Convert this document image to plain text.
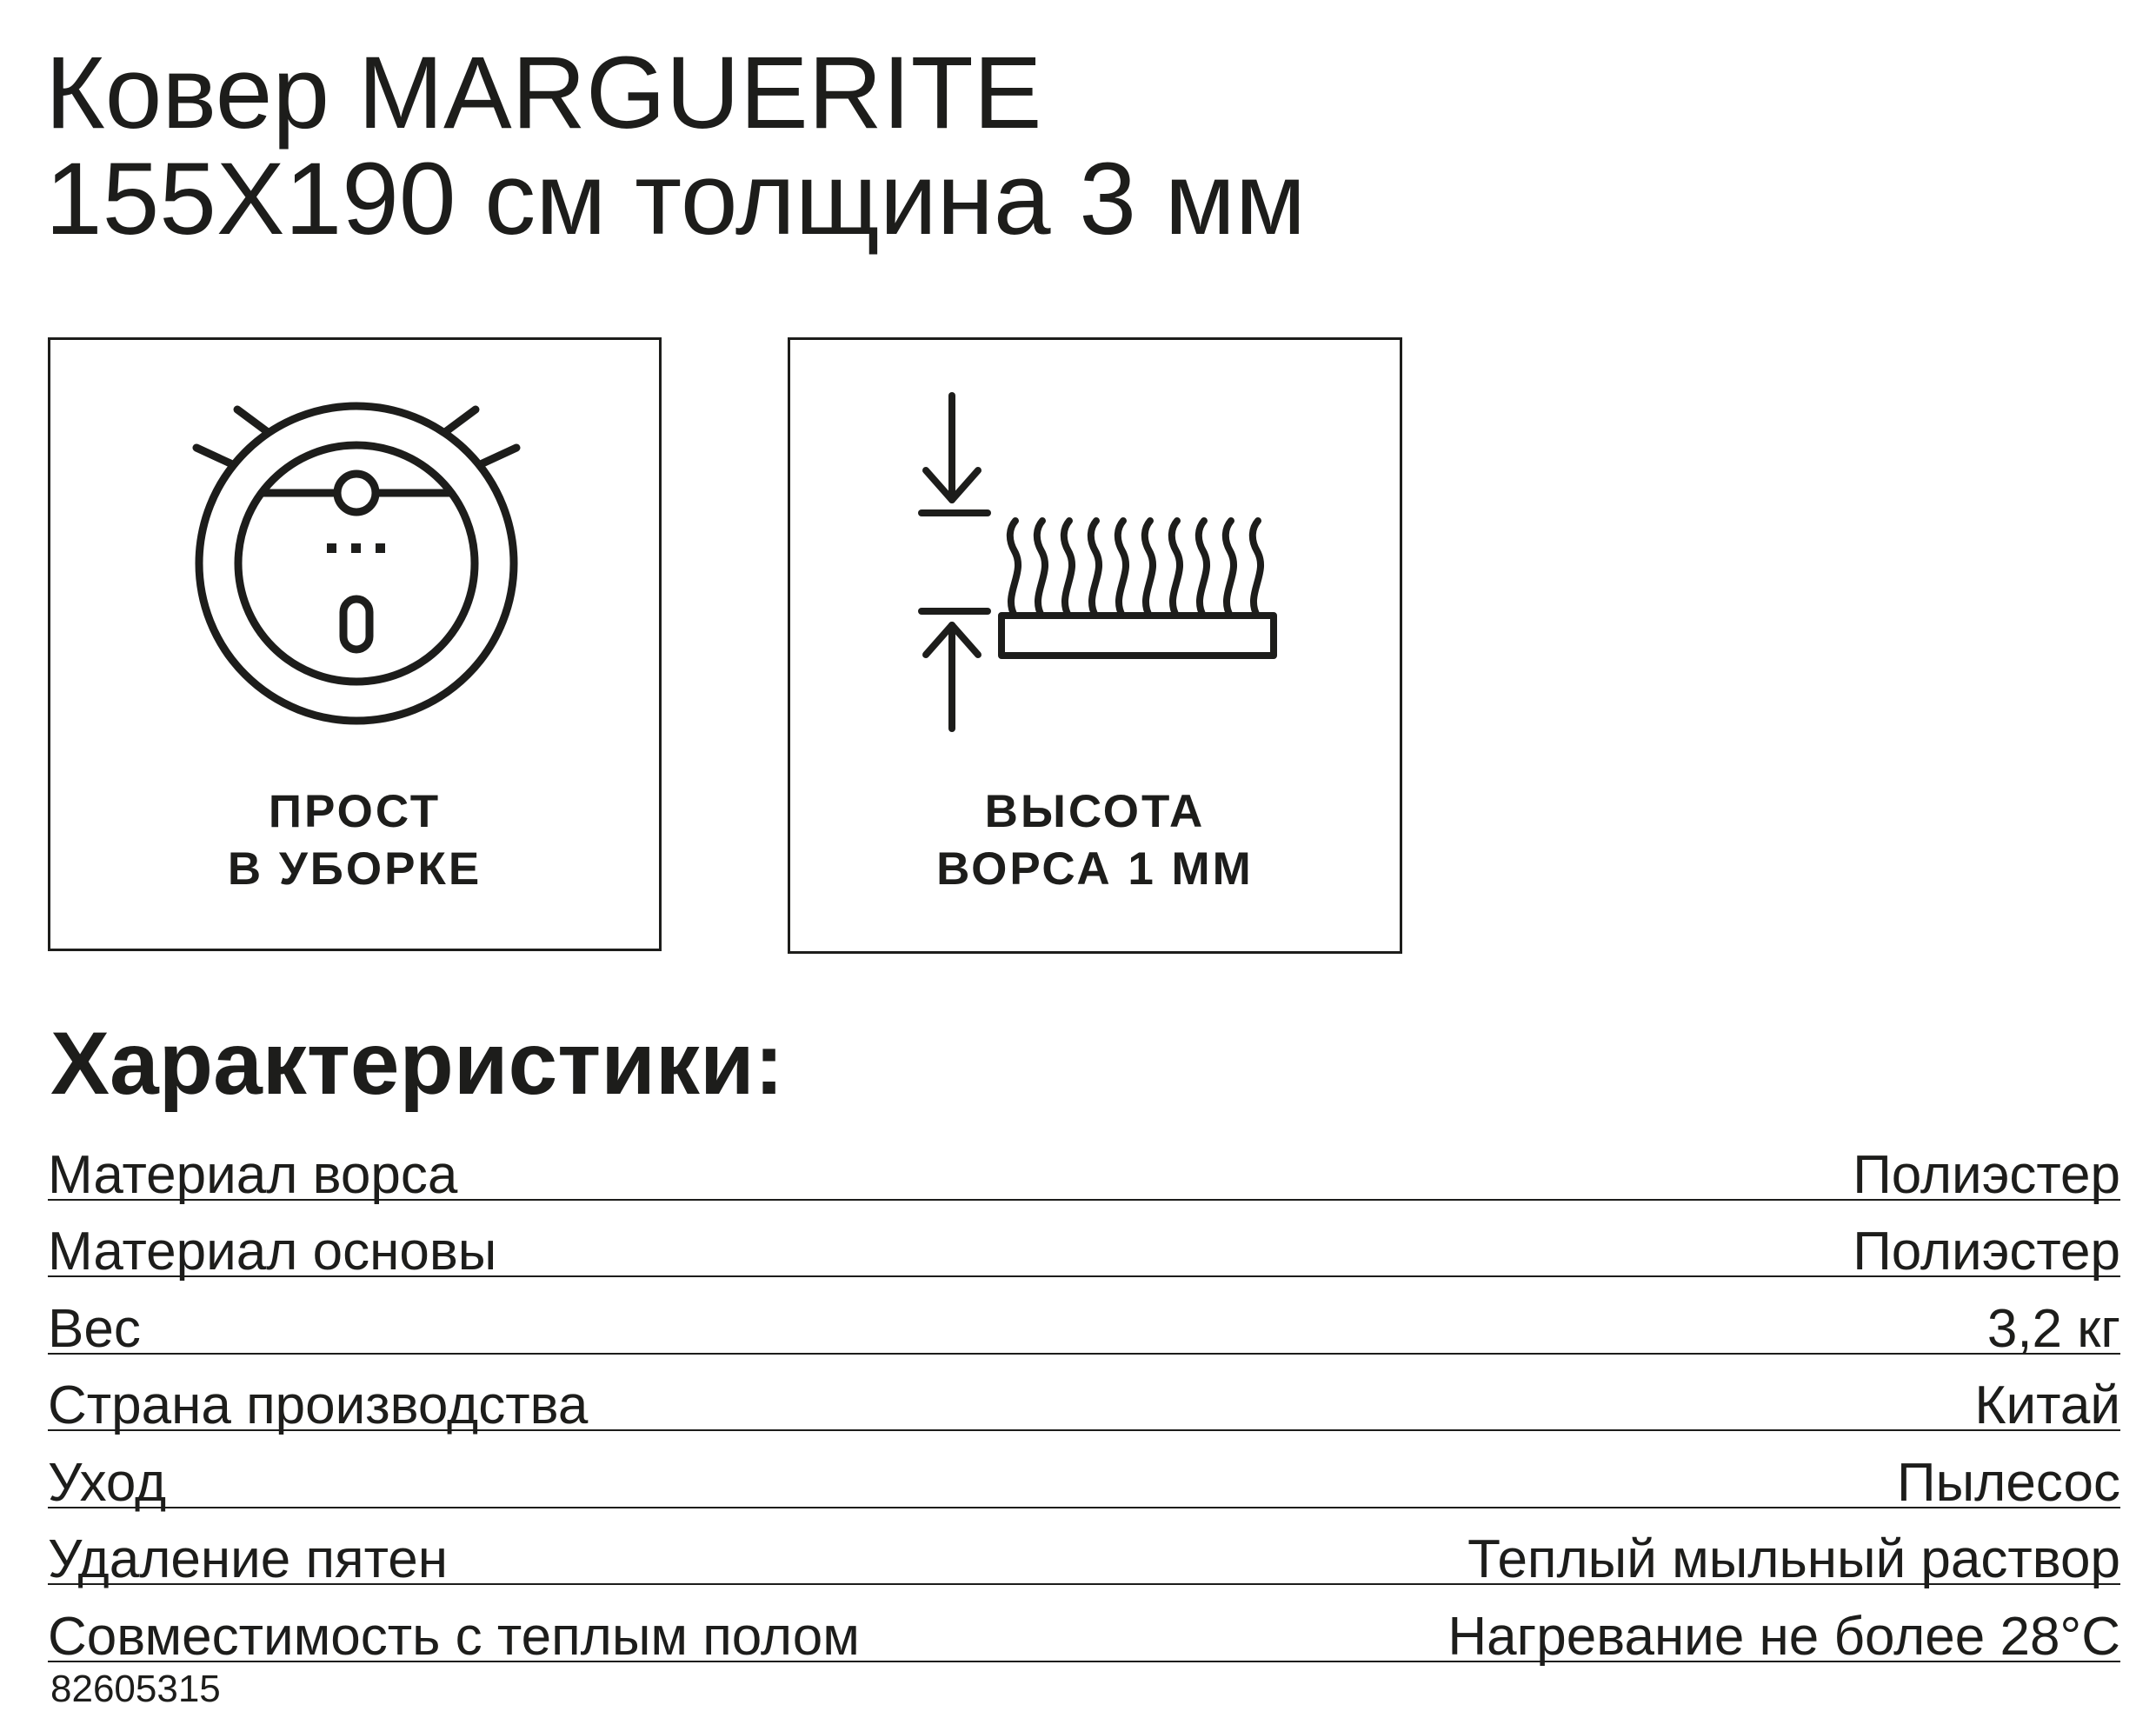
Ковер MARGUERITE
155Х190 см толщина 3 мм
ПРОСТ
В УБОРКЕ
ВЫСОТА
ВОРСА 1 ММ
Характеристики:
Материал ворса	Полиэстер
Материал основы	Полиэстер
Вес	3,2 кг
Страна производства	Китай
Уход	Пылесос
Удаление пятен	Теплый мыльный раствор
Совместимость с теплым полом	Нагревание не более 28°С
82605315
